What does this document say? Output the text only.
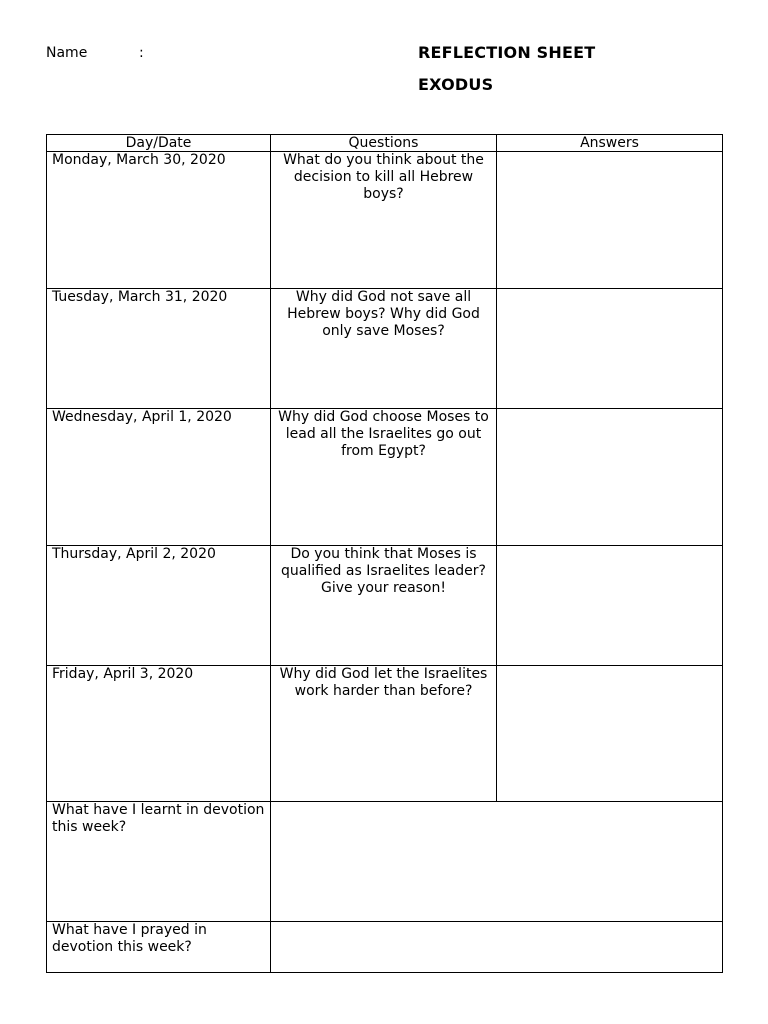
Name	:	REFLECTION SHEET
EXODUS
Day/Date	Questions	Answers
Monday, March 30, 2020	What do you think about the decision to kill all Hebrew boys?	
Tuesday, March 31, 2020	Why did God not save all Hebrew boys? Why did God only save Moses?	
Wednesday, April 1, 2020	Why did God choose Moses to lead all the Israelites go out from Egypt?	
Thursday, April 2, 2020	Do you think that Moses is qualified as Israelites leader? Give your reason!	
Friday, April 3, 2020	Why did God let the Israelites work harder than before?	
What have I learnt in devotion this week?		
What have I prayed in devotion this week?		
